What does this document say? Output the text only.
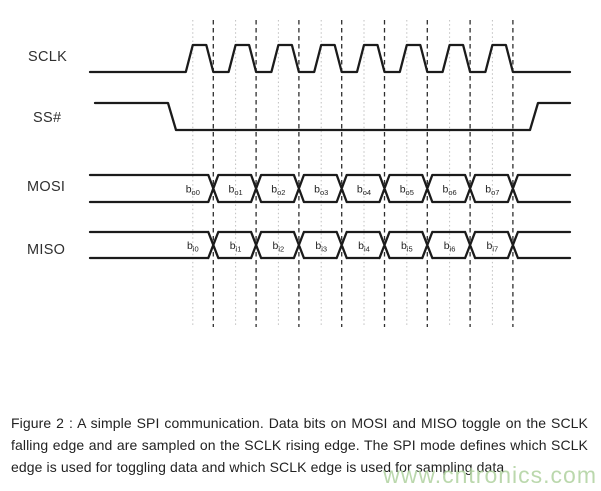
$b_{o0}$	$b_{o1}$	$b_{o2}$	$b_{o3}$	$b_{o4}$	$b_{o5}$	$b_{o6}$	$b_{o7}$
$b_{i0}$	$b_{i1}$	$b_{i2}$	$b_{i3}$	$b_{i4}$	$b_{i5}$	$b_{i6}$	$b_{i7}$
SCLK
SS#
MOSI
MISO
Figure 2 : A simple SPI communication. Data bits on MOSI and MISO toggle on the SCLK
falling edge and are sampled on the SCLK rising edge. The SPI mode defines which SCLK
edge is used for toggling data and which SCLK edge is used for sampling data
www.cntronics.com
